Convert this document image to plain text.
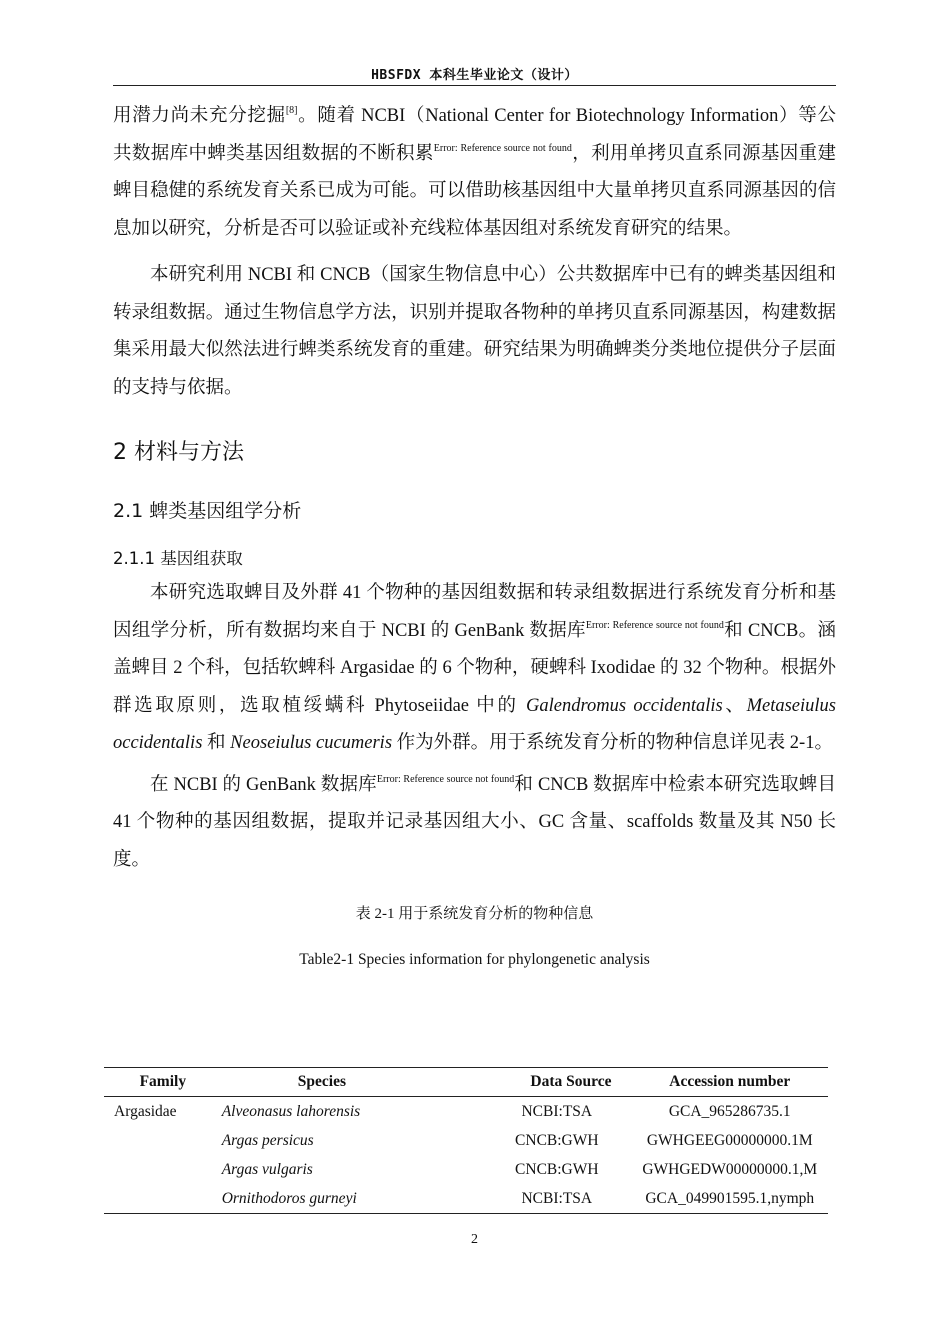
HBSFDX 本科生毕业论文（设计）

用潜力尚未充分挖掘[8]。随着 NCBI（National Center for Biotechnology Information）等公共数据库中蜱类基因组数据的不断积累$^{Error: Reference source not found}$，利用单拷贝直系同源基因重建蜱目稳健的系统发育关系已成为可能。可以借助核基因组中大量单拷贝直系同源基因的信息加以研究，分析是否可以验证或补充线粒体基因组对系统发育研究的结果。

本研究利用 NCBI 和 CNCB（国家生物信息中心）公共数据库中已有的蜱类基因组和转录组数据。通过生物信息学方法，识别并提取各物种的单拷贝直系同源基因，构建数据集采用最大似然法进行蜱类系统发育的重建。研究结果为明确蜱类分类地位提供分子层面的支持与依据。

2 材料与方法
2.1 蜱类基因组学分析
2.1.1 基因组获取

本研究选取蜱目及外群 41 个物种的基因组数据和转录组数据进行系统发育分析和基因组学分析，所有数据均来自于 NCBI 的 GenBank 数据库$^{Error: Reference source not found}$和 CNCB。涵盖蜱目 2 个科，包括软蜱科 Argasidae 的 6 个物种，硬蜱科 Ixodidae 的 32 个物种。根据外群选取原则，选取植绥螨科 Phytoseiidae 中的 Galendromus occidentalis、Metaseiulus occidentalis 和 Neoseiulus cucumeris 作为外群。用于系统发育分析的物种信息详见表 2-1。

在 NCBI 的 GenBank 数据库$^{Error: Reference source not found}$和 CNCB 数据库中检索本研究选取蜱目 41 个物种的基因组数据，提取并记录基因组大小、GC 含量、scaffolds 数量及其 N50 长度。

表 2-1 用于系统发育分析的物种信息
Table2-1 Species information for phylongenetic analysis
Family	Species	Data Source	Accession number
Argasidae	Alveonasus lahorensis	NCBI:TSA	GCA_965286735.1
	Argas persicus	CNCB:GWH	GWHGEEG00000000.1M
	Argas vulgaris	CNCB:GWH	GWHGEDW00000000.1,M
	Ornithodoros gurneyi	NCBI:TSA	GCA_049901595.1,nymph
2
